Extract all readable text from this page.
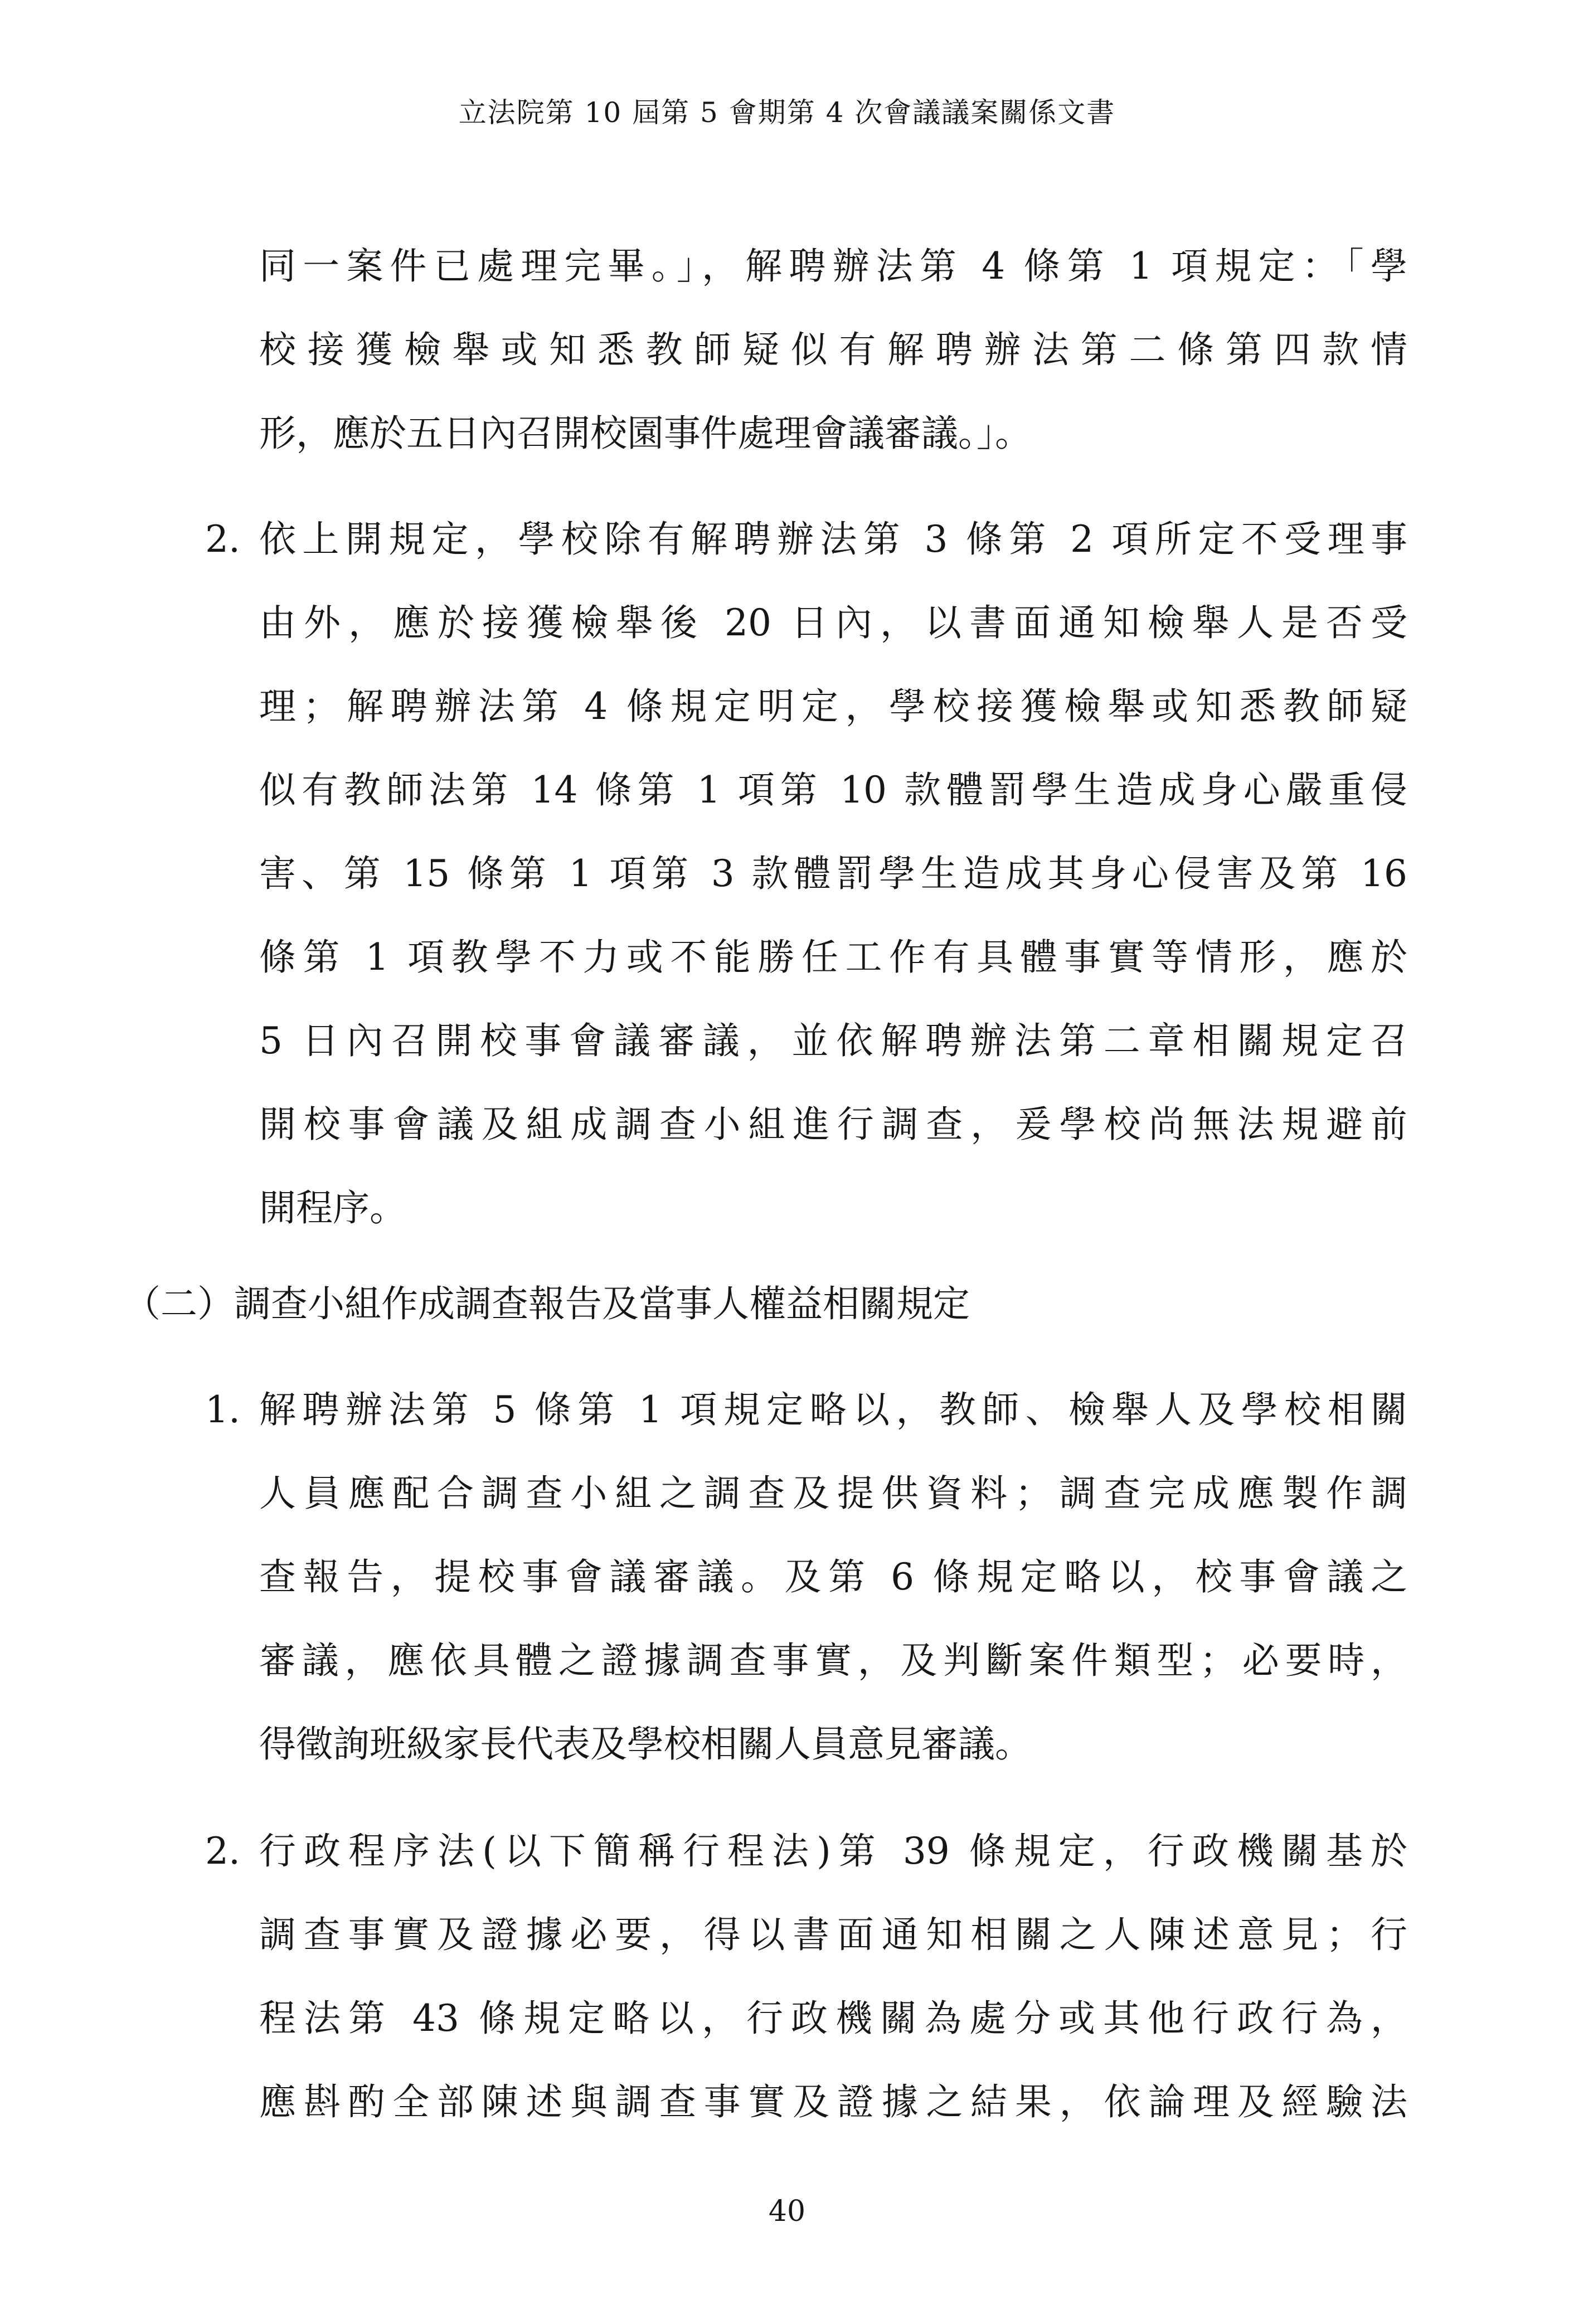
立法院第 10 屆第 5 會期第 4 次會議議案關係文書
同一案件已處理完畢。」，解聘辦法第 4 條第 1 項規定：「學
校接獲檢舉或知悉教師疑似有解聘辦法第二條第四款情
形，應於五日內召開校園事件處理會議審議。」。
2. 依上開規定，學校除有解聘辦法第 3 條第 2 項所定不受理事
由外，應於接獲檢舉後 20 日內，以書面通知檢舉人是否受
理；解聘辦法第 4 條規定明定，學校接獲檢舉或知悉教師疑
似有教師法第 14 條第 1 項第 10 款體罰學生造成身心嚴重侵
害、第 15 條第 1 項第 3 款體罰學生造成其身心侵害及第 16
條第 1 項教學不力或不能勝任工作有具體事實等情形，應於
5 日內召開校事會議審議，並依解聘辦法第二章相關規定召
開校事會議及組成調查小組進行調查，爰學校尚無法規避前
開程序。
（二）調查小組作成調查報告及當事人權益相關規定
1. 解聘辦法第 5 條第 1 項規定略以，教師、檢舉人及學校相關
人員應配合調查小組之調查及提供資料；調查完成應製作調
查報告，提校事會議審議。及第 6 條規定略以，校事會議之
審議，應依具體之證據調查事實，及判斷案件類型；必要時，
得徵詢班級家長代表及學校相關人員意見審議。
2. 行政程序法(以下簡稱行程法)第 39 條規定，行政機關基於
調查事實及證據必要，得以書面通知相關之人陳述意見；行
程法第 43 條規定略以，行政機關為處分或其他行政行為，
應斟酌全部陳述與調查事實及證據之結果，依論理及經驗法
40
